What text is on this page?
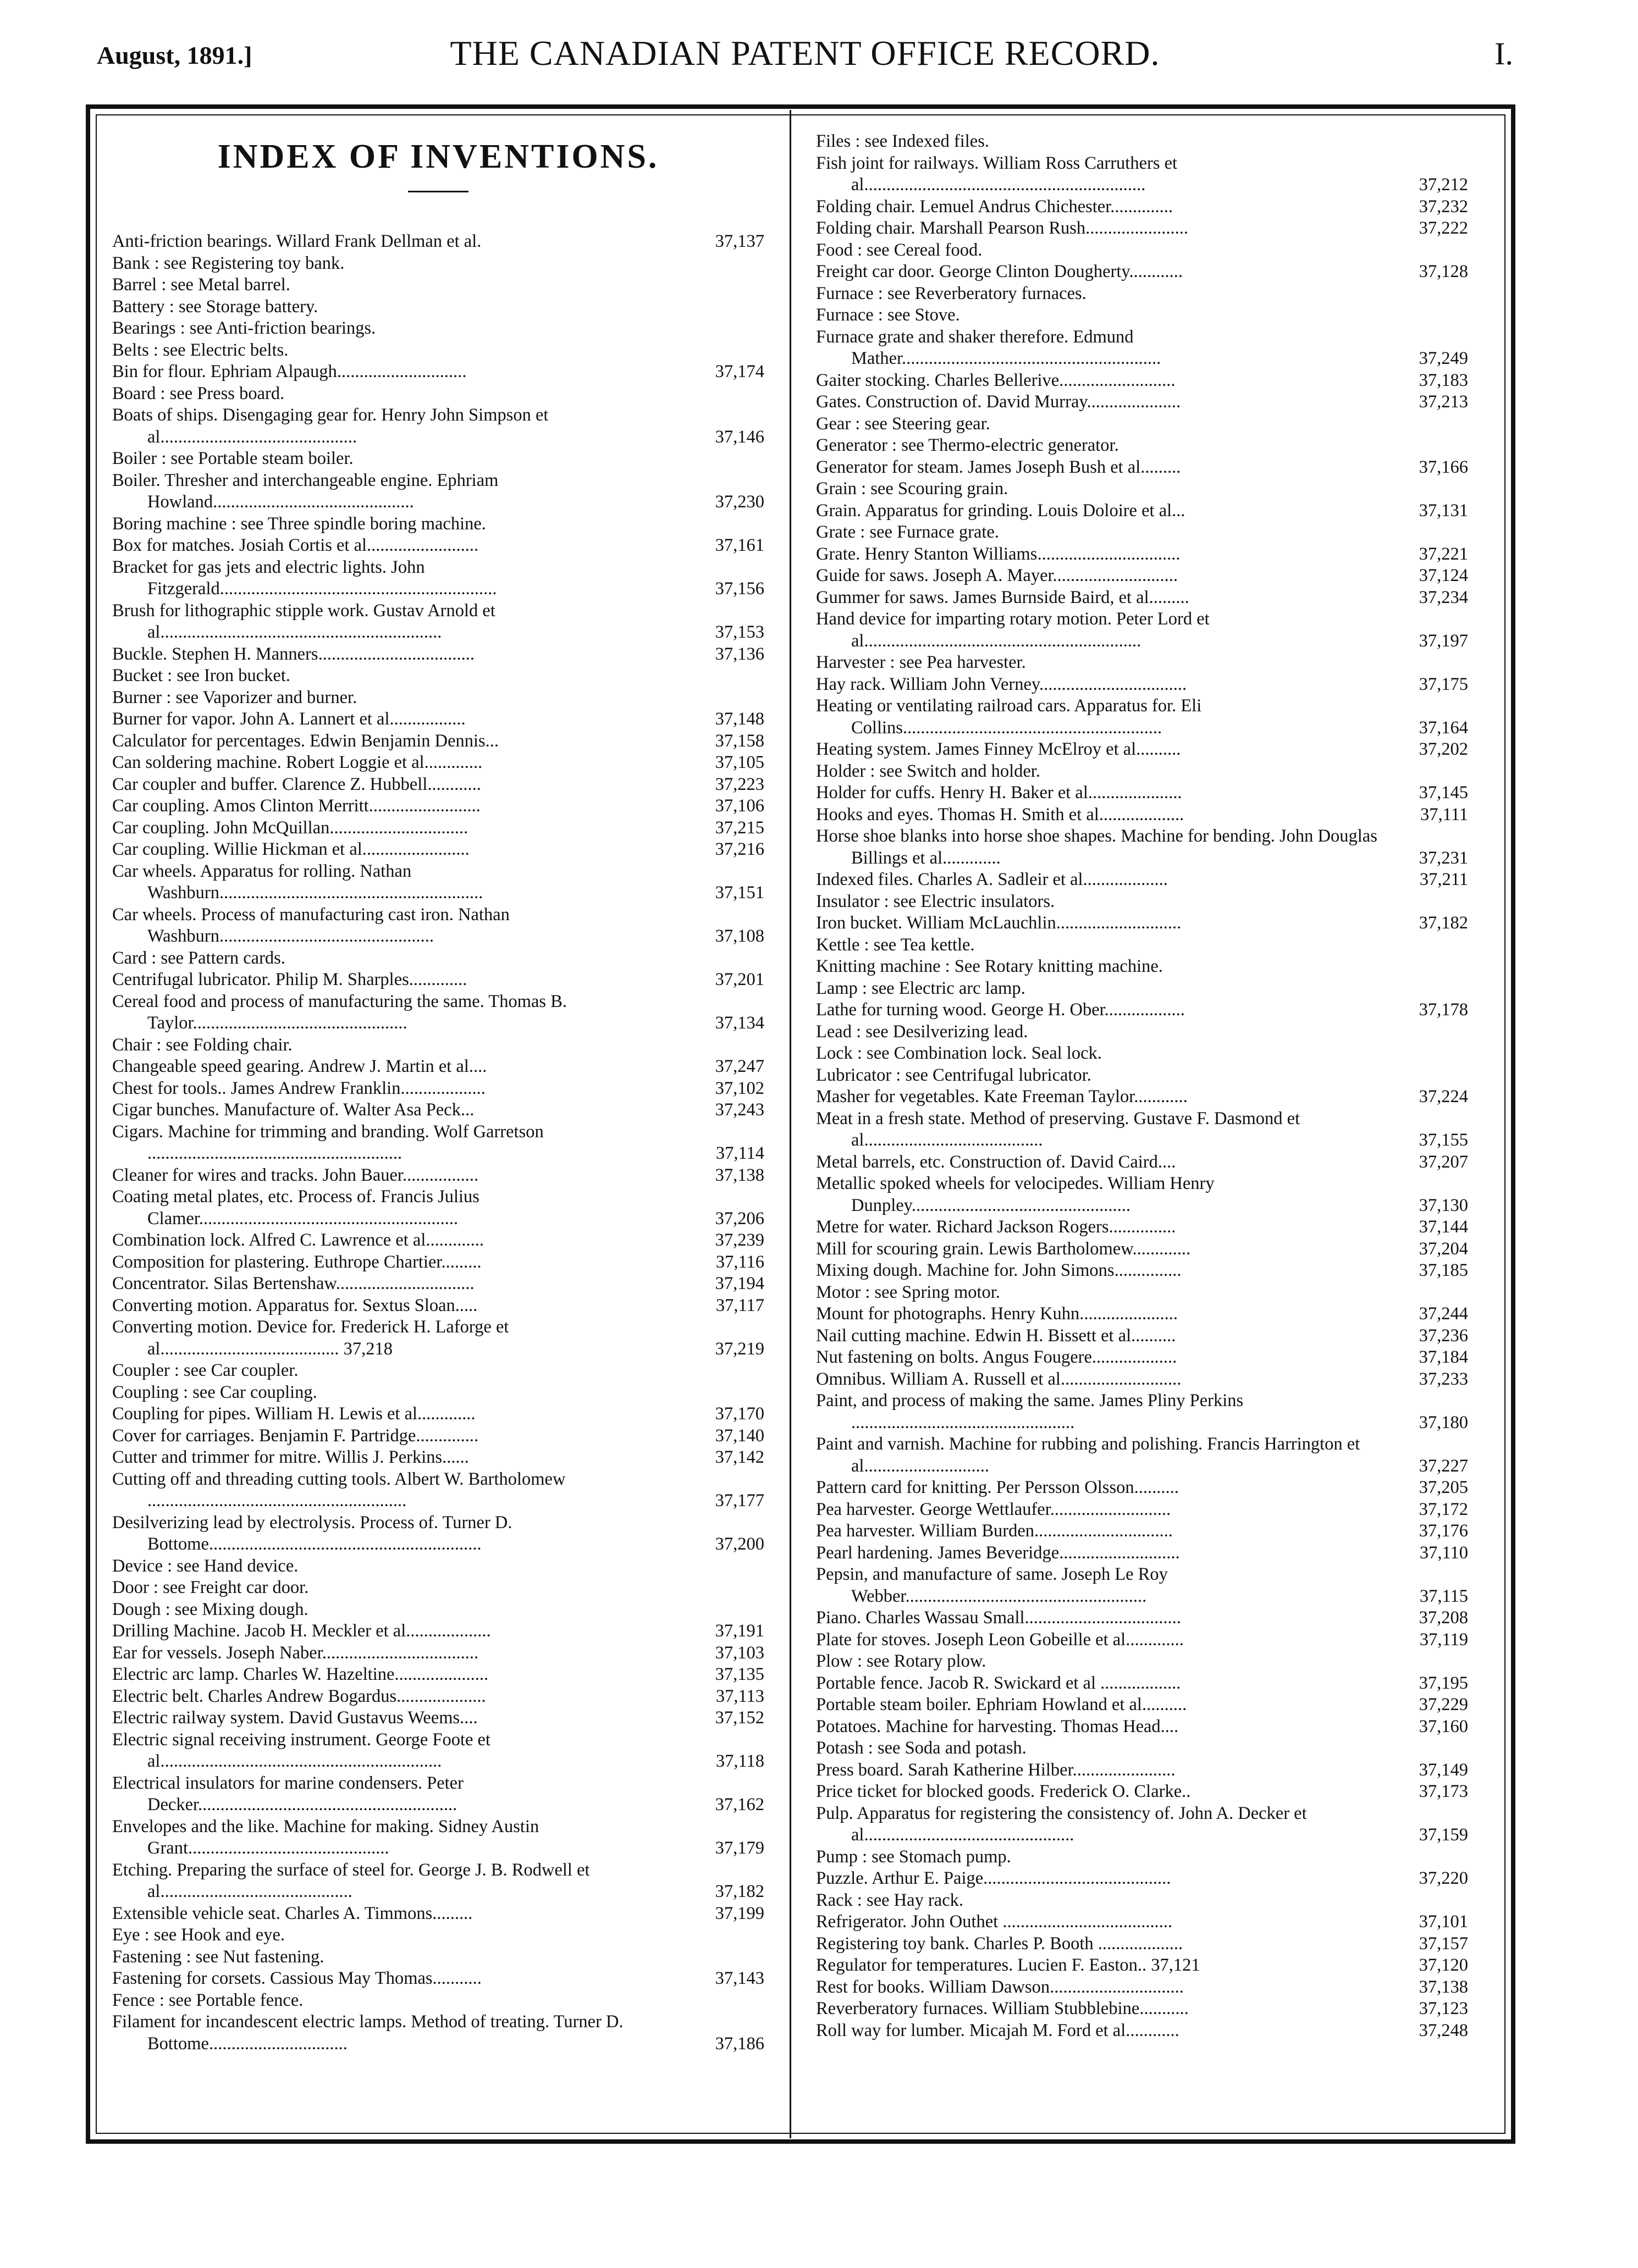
August, 1891.]	THE CANADIAN PATENT OFFICE RECORD.	I.
INDEX OF INVENTIONS.
Anti-friction bearings. Willard Frank Dellman et al.	37,137
Bank : see Registering toy bank.
Barrel : see Metal barrel.
Battery : see Storage battery.
Bearings : see Anti-friction bearings.
Belts : see Electric belts.
Bin for flour. Ephriam Alpaugh.............................	37,174
Board : see Press board.
Boats of ships. Disengaging gear for. Henry John Simpson et al............................................	37,146
Boiler : see Portable steam boiler.
Boiler. Thresher and interchangeable engine. Ephriam Howland.............................................	37,230
Boring machine : see Three spindle boring machine.
Box for matches. Josiah Cortis et al.........................	37,161
Bracket for gas jets and electric lights. John Fitzgerald..............................................................	37,156
Brush for lithographic stipple work. Gustav Arnold et al...............................................................	37,153
Buckle. Stephen H. Manners...................................	37,136
Bucket : see Iron bucket.
Burner : see Vaporizer and burner.
Burner for vapor. John A. Lannert et al.................	37,148
Calculator for percentages. Edwin Benjamin Dennis...	37,158
Can soldering machine. Robert Loggie et al.............	37,105
Car coupler and buffer. Clarence Z. Hubbell............	37,223
Car coupling. Amos Clinton Merritt.........................	37,106
Car coupling. John McQuillan...............................	37,215
Car coupling. Willie Hickman et al........................	37,216
Car wheels. Apparatus for rolling. Nathan Washburn...........................................................	37,151
Car wheels. Process of manufacturing cast iron. Nathan Washburn................................................	37,108
Card : see Pattern cards.
Centrifugal lubricator. Philip M. Sharples.............	37,201
Cereal food and process of manufacturing the same. Thomas B. Taylor................................................	37,134
Chair : see Folding chair.
Changeable speed gearing. Andrew J. Martin et al....	37,247
Chest for tools.. James Andrew Franklin...................	37,102
Cigar bunches. Manufacture of. Walter Asa Peck...	37,243
Cigars. Machine for trimming and branding. Wolf Garretson .........................................................	37,114
Cleaner for wires and tracks. John Bauer.................	37,138
Coating metal plates, etc. Process of. Francis Julius Clamer..........................................................	37,206
Combination lock. Alfred C. Lawrence et al.............	37,239
Composition for plastering. Euthrope Chartier.........	37,116
Concentrator. Silas Bertenshaw...............................	37,194
Converting motion. Apparatus for. Sextus Sloan.....	37,117
Converting motion. Device for. Frederick H. Laforge et al........................................ 37,218	37,219
Coupler : see Car coupler.
Coupling : see Car coupling.
Coupling for pipes. William H. Lewis et al.............	37,170
Cover for carriages. Benjamin F. Partridge..............	37,140
Cutter and trimmer for mitre. Willis J. Perkins......	37,142
Cutting off and threading cutting tools. Albert W. Bartholomew ..........................................................	37,177
Desilverizing lead by electrolysis. Process of. Turner D. Bottome.............................................................	37,200
Device : see Hand device.
Door : see Freight car door.
Dough : see Mixing dough.
Drilling Machine. Jacob H. Meckler et al...................	37,191
Ear for vessels. Joseph Naber...................................	37,103
Electric arc lamp. Charles W. Hazeltine.....................	37,135
Electric belt. Charles Andrew Bogardus....................	37,113
Electric railway system. David Gustavus Weems....	37,152
Electric signal receiving instrument. George Foote et al...............................................................	37,118
Electrical insulators for marine condensers. Peter Decker..........................................................	37,162
Envelopes and the like. Machine for making. Sidney Austin Grant.............................................	37,179
Etching. Preparing the surface of steel for. George J. B. Rodwell et al...........................................	37,182
Extensible vehicle seat. Charles A. Timmons.........	37,199
Eye : see Hook and eye.
Fastening : see Nut fastening.
Fastening for corsets. Cassious May Thomas...........	37,143
Fence : see Portable fence.
Filament for incandescent electric lamps. Method of treating. Turner D. Bottome...............................	37,186
Files : see Indexed files.
Fish joint for railways. William Ross Carruthers et al...............................................................	37,212
Folding chair. Lemuel Andrus Chichester..............	37,232
Folding chair. Marshall Pearson Rush.......................	37,222
Food : see Cereal food.
Freight car door. George Clinton Dougherty............	37,128
Furnace : see Reverberatory furnaces.
Furnace : see Stove.
Furnace grate and shaker therefore. Edmund Mather..........................................................	37,249
Gaiter stocking. Charles Bellerive..........................	37,183
Gates. Construction of. David Murray.....................	37,213
Gear : see Steering gear.
Generator : see Thermo-electric generator.
Generator for steam. James Joseph Bush et al.........	37,166
Grain : see Scouring grain.
Grain. Apparatus for grinding. Louis Doloire et al...	37,131
Grate : see Furnace grate.
Grate. Henry Stanton Williams................................	37,221
Guide for saws. Joseph A. Mayer............................	37,124
Gummer for saws. James Burnside Baird, et al.........	37,234
Hand device for imparting rotary motion. Peter Lord et al..............................................................	37,197
Harvester : see Pea harvester.
Hay rack. William John Verney.................................	37,175
Heating or ventilating railroad cars. Apparatus for. Eli Collins..........................................................	37,164
Heating system. James Finney McElroy et al..........	37,202
Holder : see Switch and holder.
Holder for cuffs. Henry H. Baker et al.....................	37,145
Hooks and eyes. Thomas H. Smith et al...................	37,111
Horse shoe blanks into horse shoe shapes. Machine for bending. John Douglas Billings et al.............	37,231
Indexed files. Charles A. Sadleir et al...................	37,211
Insulator : see Electric insulators.
Iron bucket. William McLauchlin............................	37,182
Kettle : see Tea kettle.
Knitting machine : See Rotary knitting machine.
Lamp : see Electric arc lamp.
Lathe for turning wood. George H. Ober..................	37,178
Lead : see Desilverizing lead.
Lock : see Combination lock. Seal lock.
Lubricator : see Centrifugal lubricator.
Masher for vegetables. Kate Freeman Taylor............	37,224
Meat in a fresh state. Method of preserving. Gustave F. Dasmond et al........................................	37,155
Metal barrels, etc. Construction of. David Caird....	37,207
Metallic spoked wheels for velocipedes. William Henry Dunpley.................................................	37,130
Metre for water. Richard Jackson Rogers...............	37,144
Mill for scouring grain. Lewis Bartholomew.............	37,204
Mixing dough. Machine for. John Simons...............	37,185
Motor : see Spring motor.
Mount for photographs. Henry Kuhn......................	37,244
Nail cutting machine. Edwin H. Bissett et al..........	37,236
Nut fastening on bolts. Angus Fougere...................	37,184
Omnibus. William A. Russell et al...........................	37,233
Paint, and process of making the same. James Pliny Perkins ..................................................	37,180
Paint and varnish. Machine for rubbing and polishing. Francis Harrington et al............................	37,227
Pattern card for knitting. Per Persson Olsson..........	37,205
Pea harvester. George Wettlaufer...........................	37,172
Pea harvester. William Burden...............................	37,176
Pearl hardening. James Beveridge...........................	37,110
Pepsin, and manufacture of same. Joseph Le Roy Webber......................................................	37,115
Piano. Charles Wassau Small...................................	37,208
Plate for stoves. Joseph Leon Gobeille et al.............	37,119
Plow : see Rotary plow.
Portable fence. Jacob R. Swickard et al ..................	37,195
Portable steam boiler. Ephriam Howland et al..........	37,229
Potatoes. Machine for harvesting. Thomas Head....	37,160
Potash : see Soda and potash.
Press board. Sarah Katherine Hilber.......................	37,149
Price ticket for blocked goods. Frederick O. Clarke..	37,173
Pulp. Apparatus for registering the consistency of. John A. Decker et al...............................................	37,159
Pump : see Stomach pump.
Puzzle. Arthur E. Paige..........................................	37,220
Rack : see Hay rack.
Refrigerator. John Outhet ......................................	37,101
Registering toy bank. Charles P. Booth ...................	37,157
Regulator for temperatures. Lucien F. Easton.. 37,121	37,120
Rest for books. William Dawson..............................	37,138
Reverberatory furnaces. William Stubblebine...........	37,123
Roll way for lumber. Micajah M. Ford et al............	37,248
